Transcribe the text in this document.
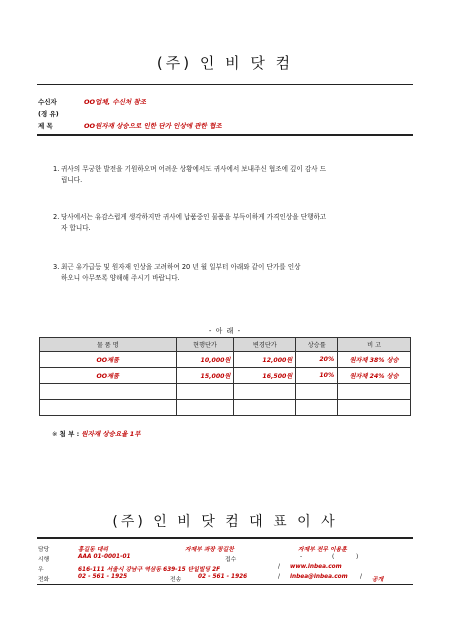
(주) 인 비 닷 컴
수신자	OO업체, 수신처 참조
(경 유)
제 목	OO원자재 상승으로 인한 단가 인상에 관한 협조
1. 귀사의 무궁한 발전을 기원하오며 어려운 상황에서도 귀사에서 보내주신 협조에 깊이 감사 드
립니다.
2. 당사에서는 유감스럽게 생각하지만 귀사에 납품중인 물품을 부득이하게 가격인상을 단행하고
자 합니다.
3. 최근 유가급등 및 원자재 인상을 고려하여 20 년 월 일부터 아래와 같이 단가를 인상
하오니 아무쪼록 양해해 주시기 바랍니다.
- 아 래 -
물 품 명	현행단가	변경단가	상승률	비 고
OO제품	10,000원	12,000원	20%	원자재 38% 상승
OO제품	15,000원	16,500원	10%	원자재 24% 상승

※ 첨 부 : 원자재 상승요율 1부
(주) 인 비 닷 컴 대 표 이 사
담당	홍길동 대리	자재부 과장 장길찬	자재부 전무 이용훈
시행	AAA 01-0001-01	접수	-	(	)
우	616-111 서울시 강남구 역삼동 639-15 단일빌딩 2F	/ www.inbea.com
전화	02 - 561 - 1925	전송	02 - 561 - 1926	/ inbea@inbea.com / 공개
